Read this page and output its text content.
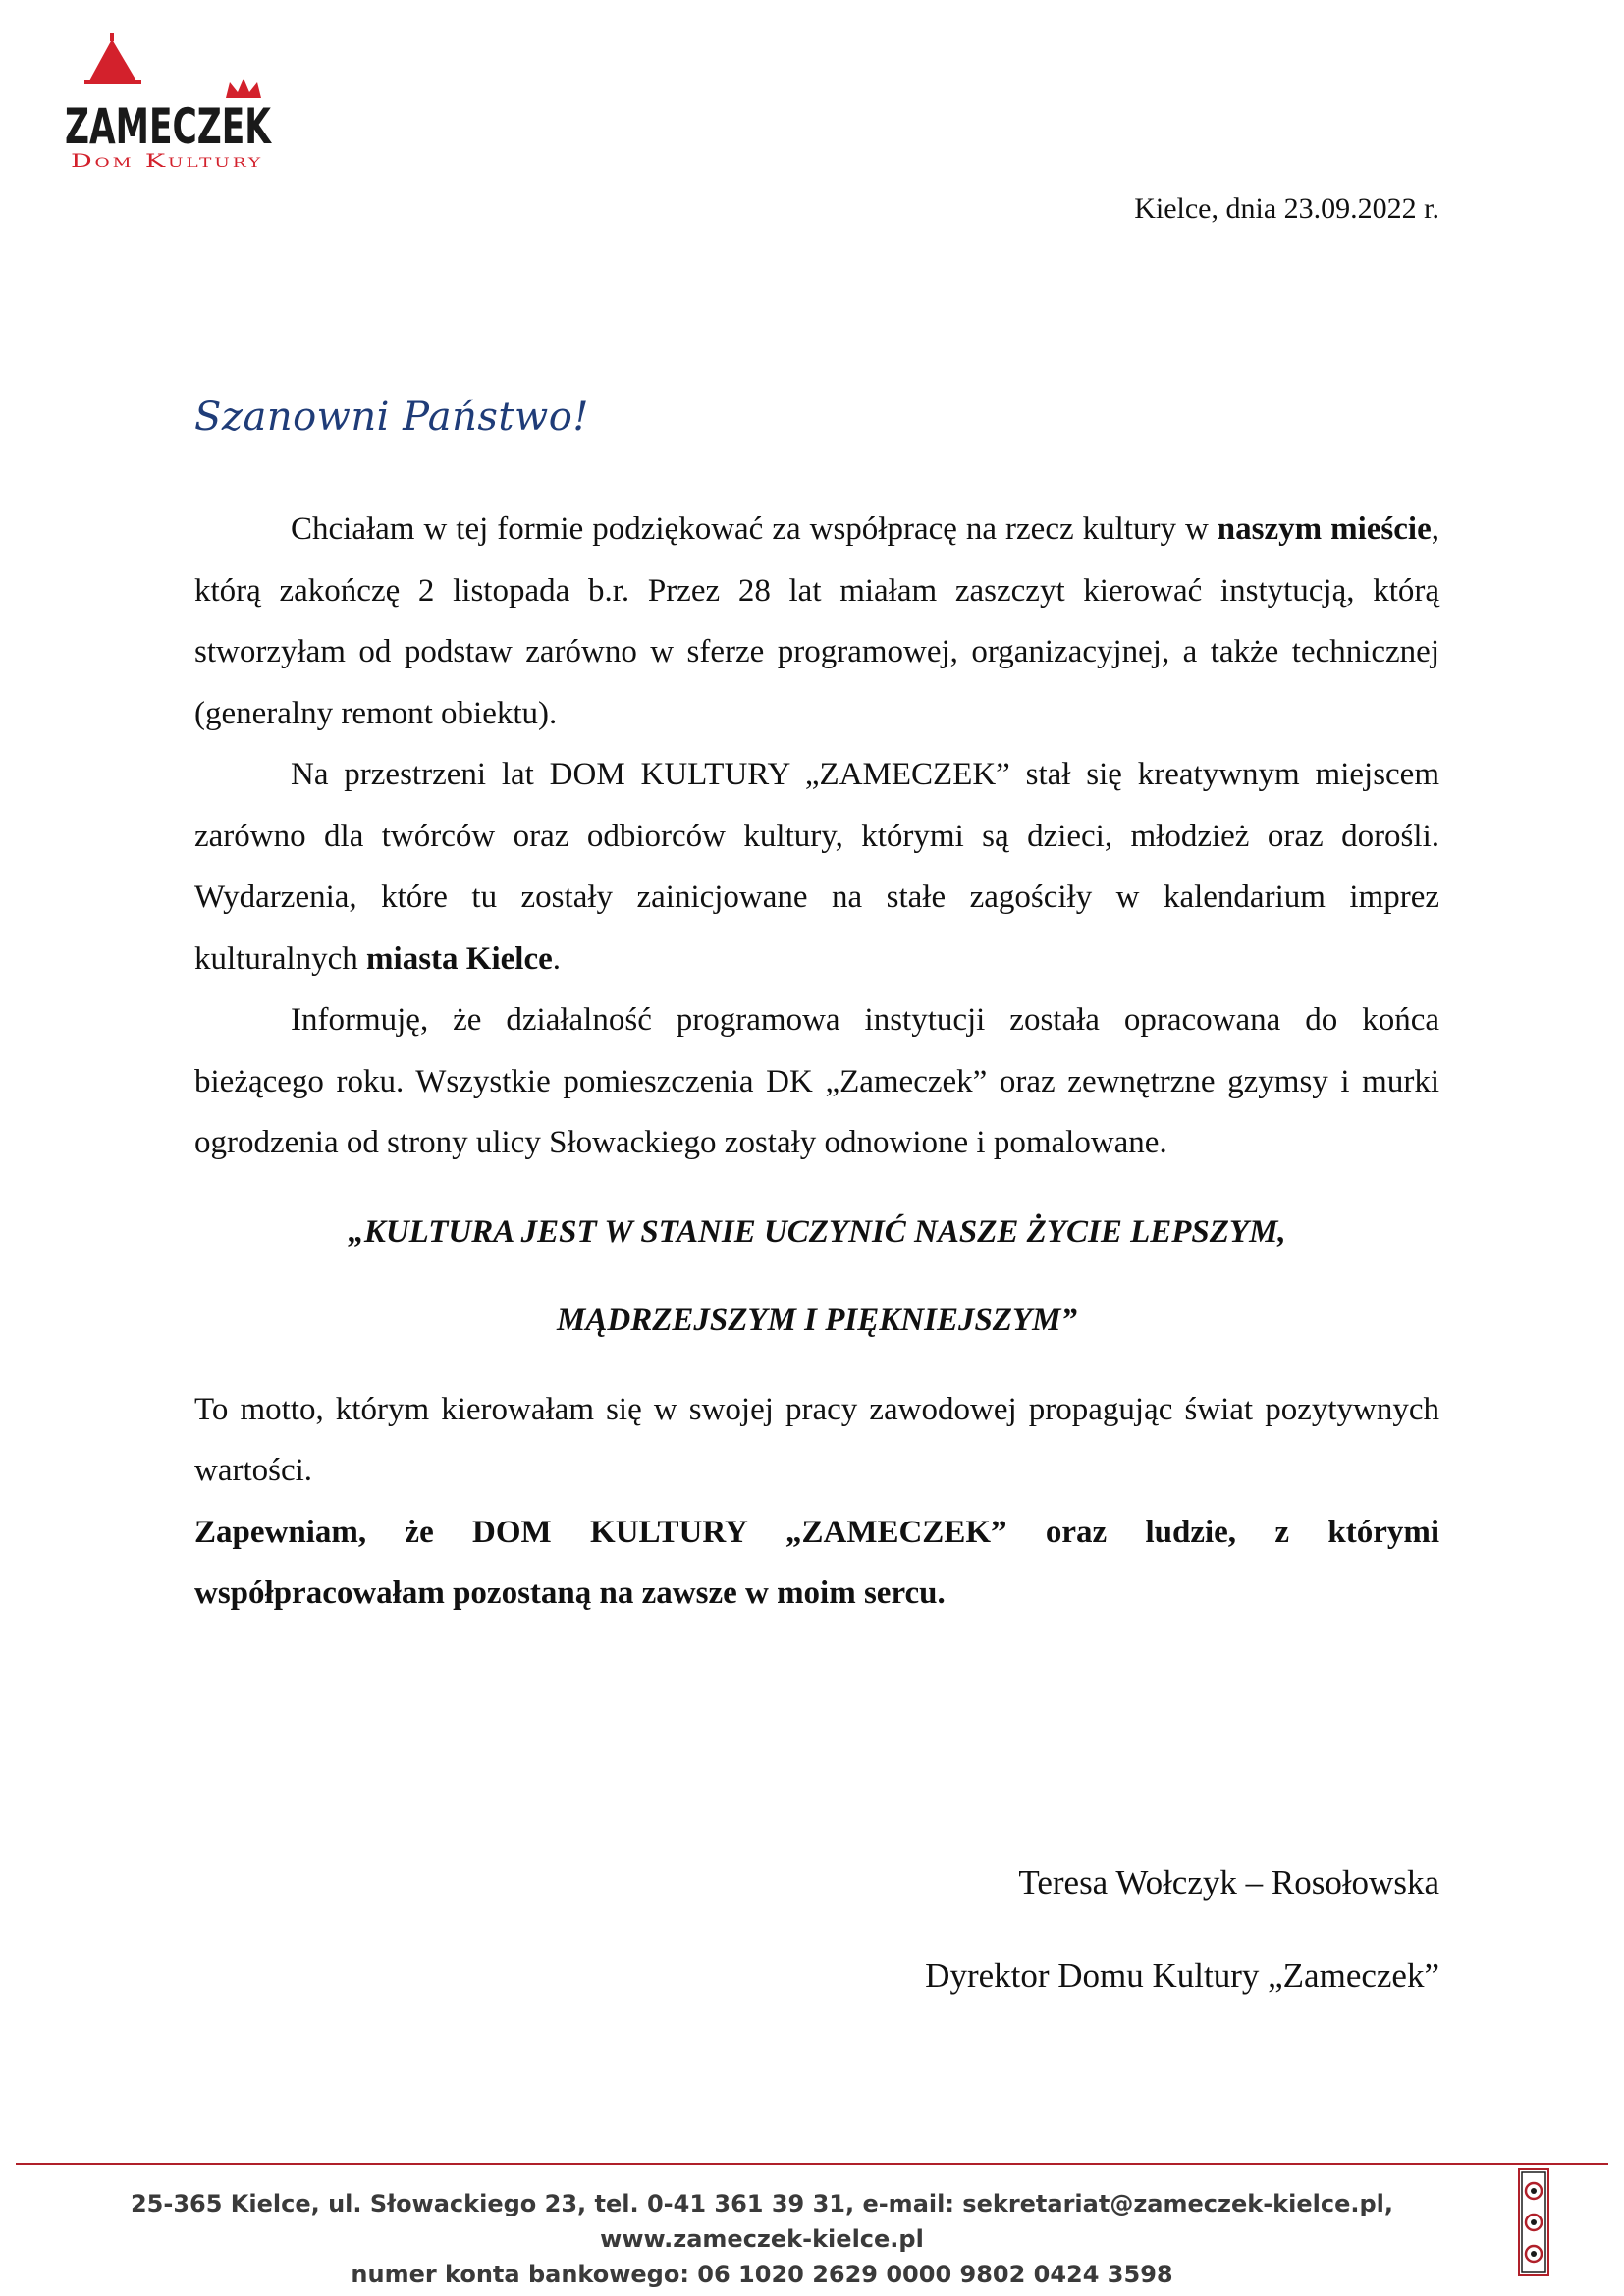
ZAMECZEK
Dom Kultury
Kielce, dnia 23.09.2022 r.
Szanowni Państwo!

Chciałam w tej formie podziękować za współpracę na rzecz kultury w naszym mieście, którą zakończę 2 listopada b.r. Przez 28 lat miałam zaszczyt kierować instytucją, którą stworzyłam od podstaw zarówno w sferze programowej, organizacyjnej, a także technicznej (generalny remont obiektu).

Na przestrzeni lat DOM KULTURY „ZAMECZEK” stał się kreatywnym miejscem zarówno dla twórców oraz odbiorców kultury, którymi są dzieci, młodzież oraz dorośli. Wydarzenia, które tu zostały zainicjowane na stałe zagościły w kalendarium imprez kulturalnych miasta Kielce.

Informuję, że działalność programowa instytucji została opracowana do końca bieżącego roku. Wszystkie pomieszczenia DK „Zameczek” oraz zewnętrzne gzymsy i murki ogrodzenia od strony ulicy Słowackiego zostały odnowione i pomalowane.

„KULTURA JEST W STANIE UCZYNIĆ NASZE ŻYCIE LEPSZYM,

MĄDRZEJSZYM I PIĘKNIEJSZYM”

To motto, którym kierowałam się w swojej pracy zawodowej propagując świat pozytywnych wartości.

Zapewniam, że DOM KULTURY „ZAMECZEK” oraz ludzie, z którymi współpracowałam pozostaną na zawsze w moim sercu.

Teresa Wołczyk – Rosołowska
Dyrektor Domu Kultury „Zameczek”
25-365 Kielce, ul. Słowackiego 23, tel. 0-41 361 39 31, e-mail: sekretariat@zameczek-kielce.pl, www.zameczek-kielce.pl
numer konta bankowego: 06 1020 2629 0000 9802 0424 3598
